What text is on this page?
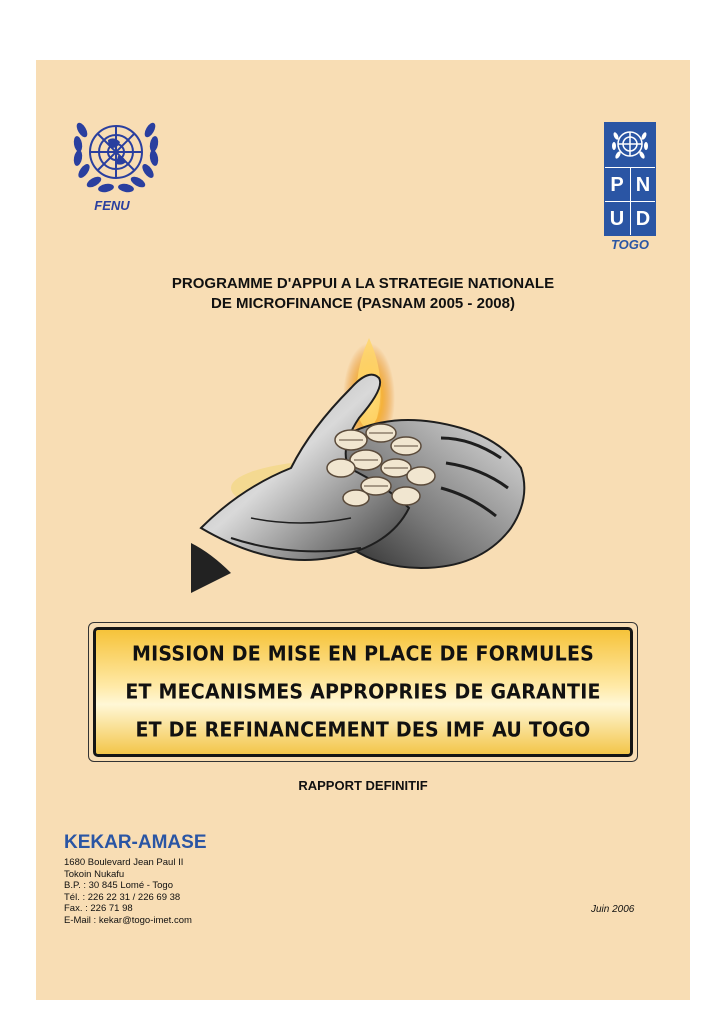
FENU
P N
U D
TOGO
PROGRAMME D'APPUI A LA STRATEGIE NATIONALE
DE MICROFINANCE (PASNAM 2005 - 2008)
MISSION DE MISE EN PLACE DE FORMULES
ET MECANISMES APPROPRIES DE GARANTIE
ET DE REFINANCEMENT DES IMF AU TOGO
RAPPORT DEFINITIF
KEKAR-AMASE
1680 Boulevard Jean Paul II
Tokoin Nukafu
B.P. : 30 845 Lomé - Togo
Tél. : 226 22 31 / 226 69 38
Fax. : 226 71 98
E-Mail : kekar@togo-imet.com
Juin 2006
